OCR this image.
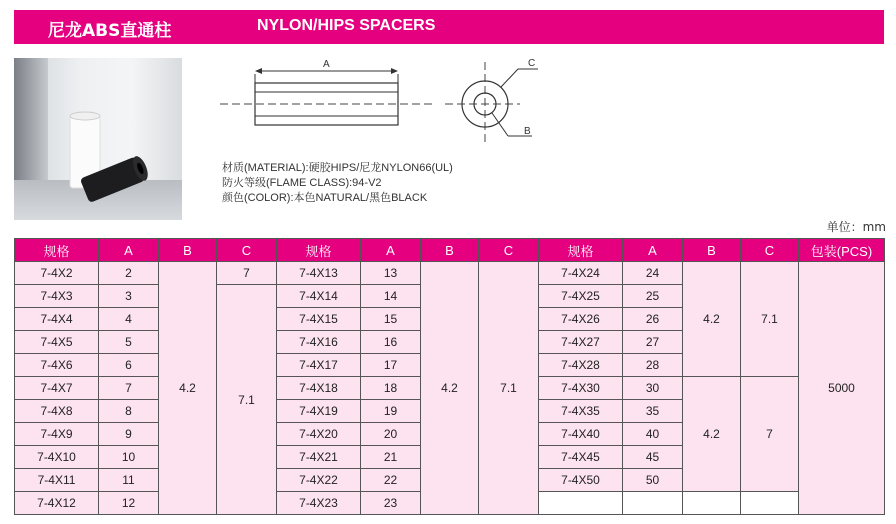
尼龙ABS直通柱	NYLON/HIPS SPACERS
A	C
B
材质(MATERIAL):硬胶HIPS/尼龙NYLON66(UL)
防火等级(FLAME CLASS):94-V2
颜色(COLOR):本色NATURAL/黑色BLACK
单位：mm
规格	A	B	C	规格	A	B	C	规格	A	B	C	包装(PCS)
7-4X2	2	4.2	7	7-4X13	13	4.2	7.1	7-4X24	24	4.2	7.1	5000
7-4X3	3		7.1	7-4X14	14			7-4X25	25			
7-4X4	4			7-4X15	15			7-4X26	26			
7-4X5	5			7-4X16	16			7-4X27	27			
7-4X6	6			7-4X17	17			7-4X28	28			
7-4X7	7			7-4X18	18			7-4X30	30	4.2	7	
7-4X8	8			7-4X19	19			7-4X35	35			
7-4X9	9			7-4X20	20			7-4X40	40			
7-4X10	10			7-4X21	21			7-4X45	45			
7-4X11	11			7-4X22	22			7-4X50	50			
7-4X12	12			7-4X23	23							
